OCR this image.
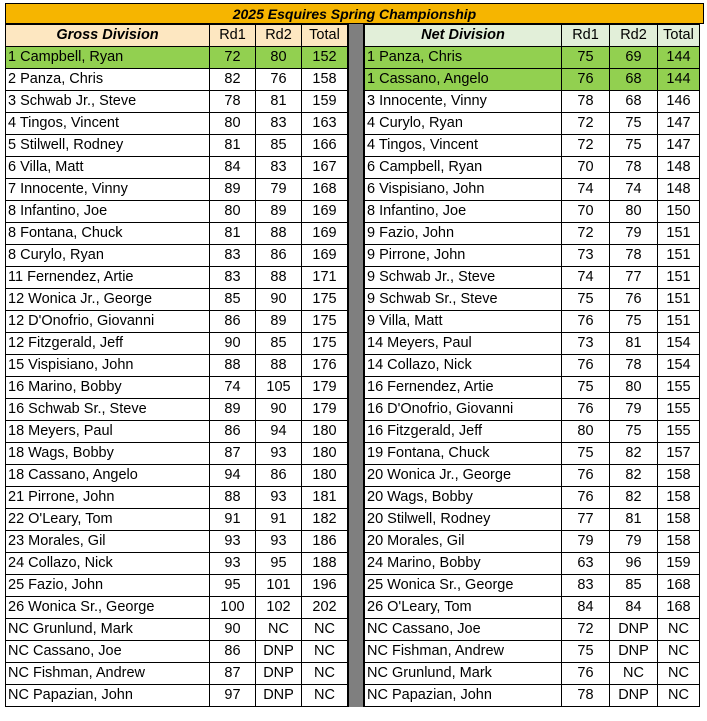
2025 Esquires Spring Championship
Gross Division	Rd1	Rd2	Total
1 Campbell, Ryan	72	80	152
2 Panza, Chris	82	76	158
3 Schwab Jr., Steve	78	81	159
4 Tingos, Vincent	80	83	163
5 Stilwell, Rodney	81	85	166
6 Villa, Matt	84	83	167
7 Innocente, Vinny	89	79	168
8 Infantino, Joe	80	89	169
8 Fontana, Chuck	81	88	169
8 Curylo, Ryan	83	86	169
11 Fernendez, Artie	83	88	171
12 Wonica Jr., George	85	90	175
12 D'Onofrio, Giovanni	86	89	175
12 Fitzgerald, Jeff	90	85	175
15 Vispisiano, John	88	88	176
16 Marino, Bobby	74	105	179
16 Schwab Sr., Steve	89	90	179
18 Meyers, Paul	86	94	180
18 Wags, Bobby	87	93	180
18 Cassano, Angelo	94	86	180
21 Pirrone, John	88	93	181
22 O'Leary, Tom	91	91	182
23 Morales, Gil	93	93	186
24 Collazo, Nick	93	95	188
25 Fazio, John	95	101	196
26 Wonica Sr., George	100	102	202
NC Grunlund, Mark	90	NC	NC
NC Cassano, Joe	86	DNP	NC
NC Fishman, Andrew	87	DNP	NC
NC Papazian, John	97	DNP	NC
Net Division	Rd1	Rd2	Total
1 Panza, Chris	75	69	144
1 Cassano, Angelo	76	68	144
3 Innocente, Vinny	78	68	146
4 Curylo, Ryan	72	75	147
4 Tingos, Vincent	72	75	147
6 Campbell, Ryan	70	78	148
6 Vispisiano, John	74	74	148
8 Infantino, Joe	70	80	150
9 Fazio, John	72	79	151
9 Pirrone, John	73	78	151
9 Schwab Jr., Steve	74	77	151
9 Schwab Sr., Steve	75	76	151
9 Villa, Matt	76	75	151
14 Meyers, Paul	73	81	154
14 Collazo, Nick	76	78	154
16 Fernendez, Artie	75	80	155
16 D'Onofrio, Giovanni	76	79	155
16 Fitzgerald, Jeff	80	75	155
19 Fontana, Chuck	75	82	157
20 Wonica Jr., George	76	82	158
20 Wags, Bobby	76	82	158
20 Stilwell, Rodney	77	81	158
20 Morales, Gil	79	79	158
24 Marino, Bobby	63	96	159
25 Wonica Sr., George	83	85	168
26 O'Leary, Tom	84	84	168
NC Cassano, Joe	72	DNP	NC
NC Fishman, Andrew	75	DNP	NC
NC Grunlund, Mark	76	NC	NC
NC Papazian, John	78	DNP	NC
